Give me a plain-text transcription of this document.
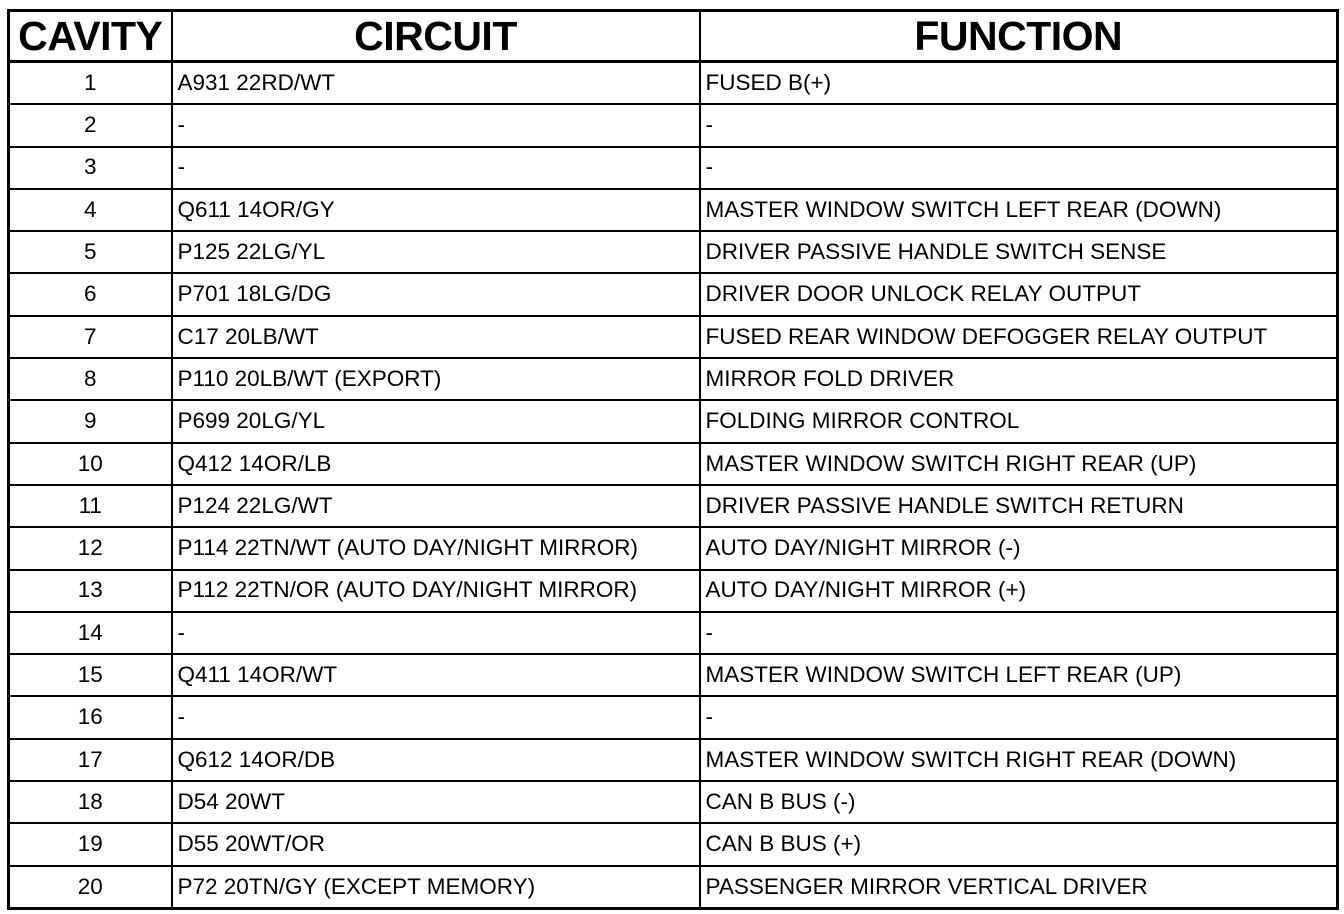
CAVITY	CIRCUIT	FUNCTION
1	A931 22RD/WT	FUSED B(+)
2	-	-
3	-	-
4	Q611 14OR/GY	MASTER WINDOW SWITCH LEFT REAR (DOWN)
5	P125 22LG/YL	DRIVER PASSIVE HANDLE SWITCH SENSE
6	P701 18LG/DG	DRIVER DOOR UNLOCK RELAY OUTPUT
7	C17 20LB/WT	FUSED REAR WINDOW DEFOGGER RELAY OUTPUT
8	P110 20LB/WT (EXPORT)	MIRROR FOLD DRIVER
9	P699 20LG/YL	FOLDING MIRROR CONTROL
10	Q412 14OR/LB	MASTER WINDOW SWITCH RIGHT REAR (UP)
11	P124 22LG/WT	DRIVER PASSIVE HANDLE SWITCH RETURN
12	P114 22TN/WT (AUTO DAY/NIGHT MIRROR)	AUTO DAY/NIGHT MIRROR (-)
13	P112 22TN/OR (AUTO DAY/NIGHT MIRROR)	AUTO DAY/NIGHT MIRROR (+)
14	-	-
15	Q411 14OR/WT	MASTER WINDOW SWITCH LEFT REAR (UP)
16	-	-
17	Q612 14OR/DB	MASTER WINDOW SWITCH RIGHT REAR (DOWN)
18	D54 20WT	CAN B BUS (-)
19	D55 20WT/OR	CAN B BUS (+)
20	P72 20TN/GY (EXCEPT MEMORY)	PASSENGER MIRROR VERTICAL DRIVER
